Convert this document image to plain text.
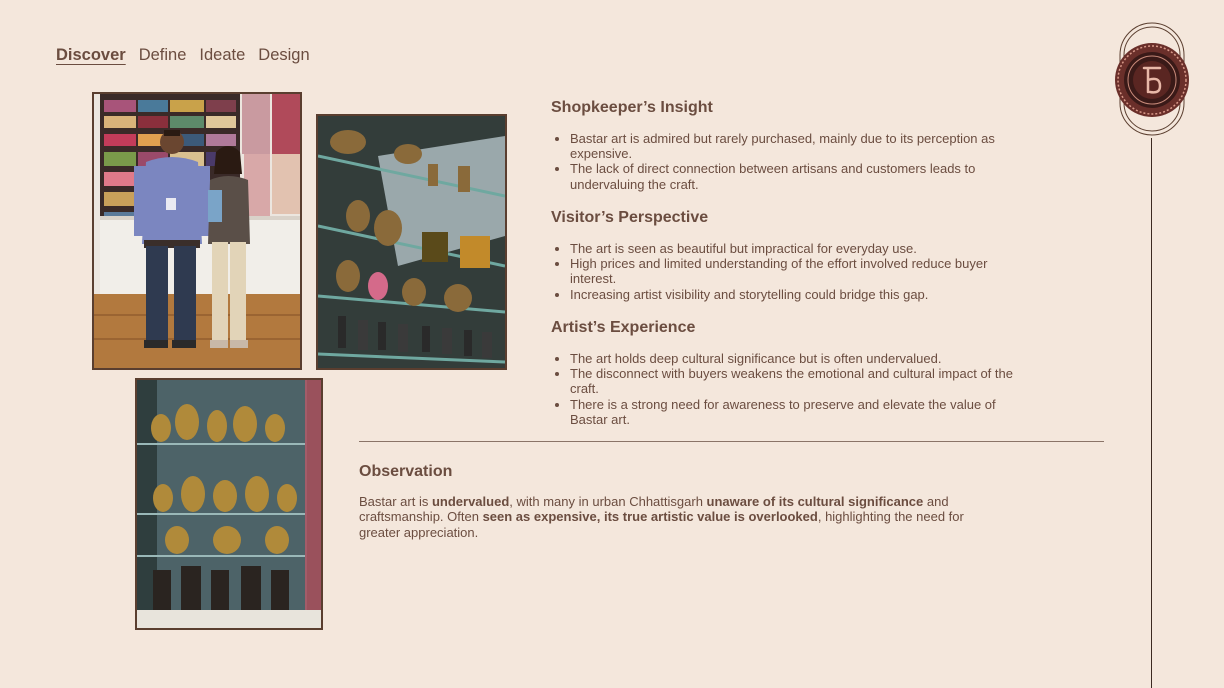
Discover Define Ideate Design
Shopkeeper’s Insight
• Bastar art is admired but rarely purchased, mainly due to its perception as expensive.
• The lack of direct connection between artisans and customers leads to undervaluing the craft.
Visitor’s Perspective
• The art is seen as beautiful but impractical for everyday use.
• High prices and limited understanding of the effort involved reduce buyer interest.
• Increasing artist visibility and storytelling could bridge this gap.
Artist’s Experience
• The art holds deep cultural significance but is often undervalued.
• The disconnect with buyers weakens the emotional and cultural impact of the craft.
• There is a strong need for awareness to preserve and elevate the value of Bastar art.
Observation

Bastar art is undervalued, with many in urban Chhattisgarh unaware of its cultural significance and craftsmanship. Often seen as expensive, its true artistic value is overlooked, highlighting the need for greater appreciation.
